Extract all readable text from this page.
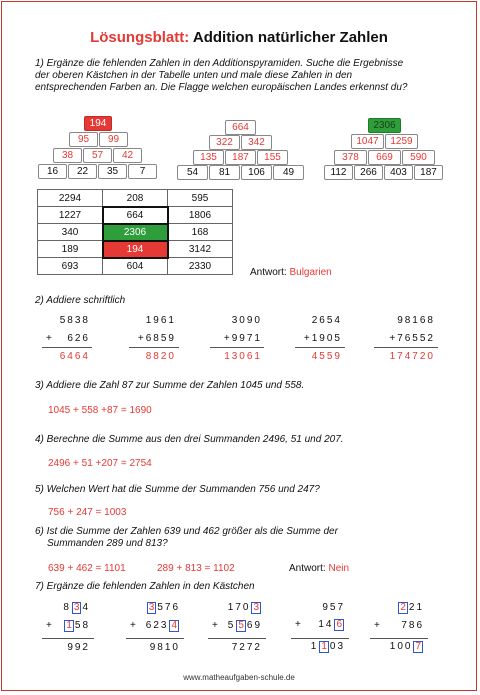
Lösungsblatt: Addition natürlicher Zahlen
1) Ergänze die fehlenden Zahlen in den Additionspyramiden. Suche die Ergebnisse
der oberen Kästchen in der Tabelle unten und male diese Zahlen in den
entsprechenden Farben an. Die Flagge welchen europäischen Landes erkennst du?
194
95	99
38	57	42
16	22	35	7
664
322	342
135	187	155
54	81	106	49
2306
1047	1259
378	669	590
112	266	403	187
2294	208	595
1227	664	1806
340	2306	168
189	194	3142
693	604	2330
Antwort: Bulgarien
2) Addiere schriftlich
5838
+ 626
6464
1961
+6859
8820
3090
+9971
13061
2654
+1905
4559
98168
+76552
174720
3) Addiere die Zahl 87 zur Summe der Zahlen 1045 und 558.
1045 + 558 +87 = 1690
4) Berechne die Summe aus den drei Summanden 2496, 51 und 207.
2496 + 51 +207 = 2754
5) Welchen Wert hat die Summe der Summanden 756 und 247?
756 + 247 = 1003
6) Ist die Summe der Zahlen 639 und 462 größer als die Summe der
Summanden 289 und 813?
639 + 462 = 1101	289 + 813 = 1102	Antwort: Nein
7) Ergänze die fehlenden Zahlen in den Kästchen
8 3 4
+ 1 58
992
3 576
+ 623 4
9810
170 3
+ 5 5 69
7272
957
+ 14 6
1 1 03
2 21
+ 786
100 7
www.matheaufgaben-schule.de
